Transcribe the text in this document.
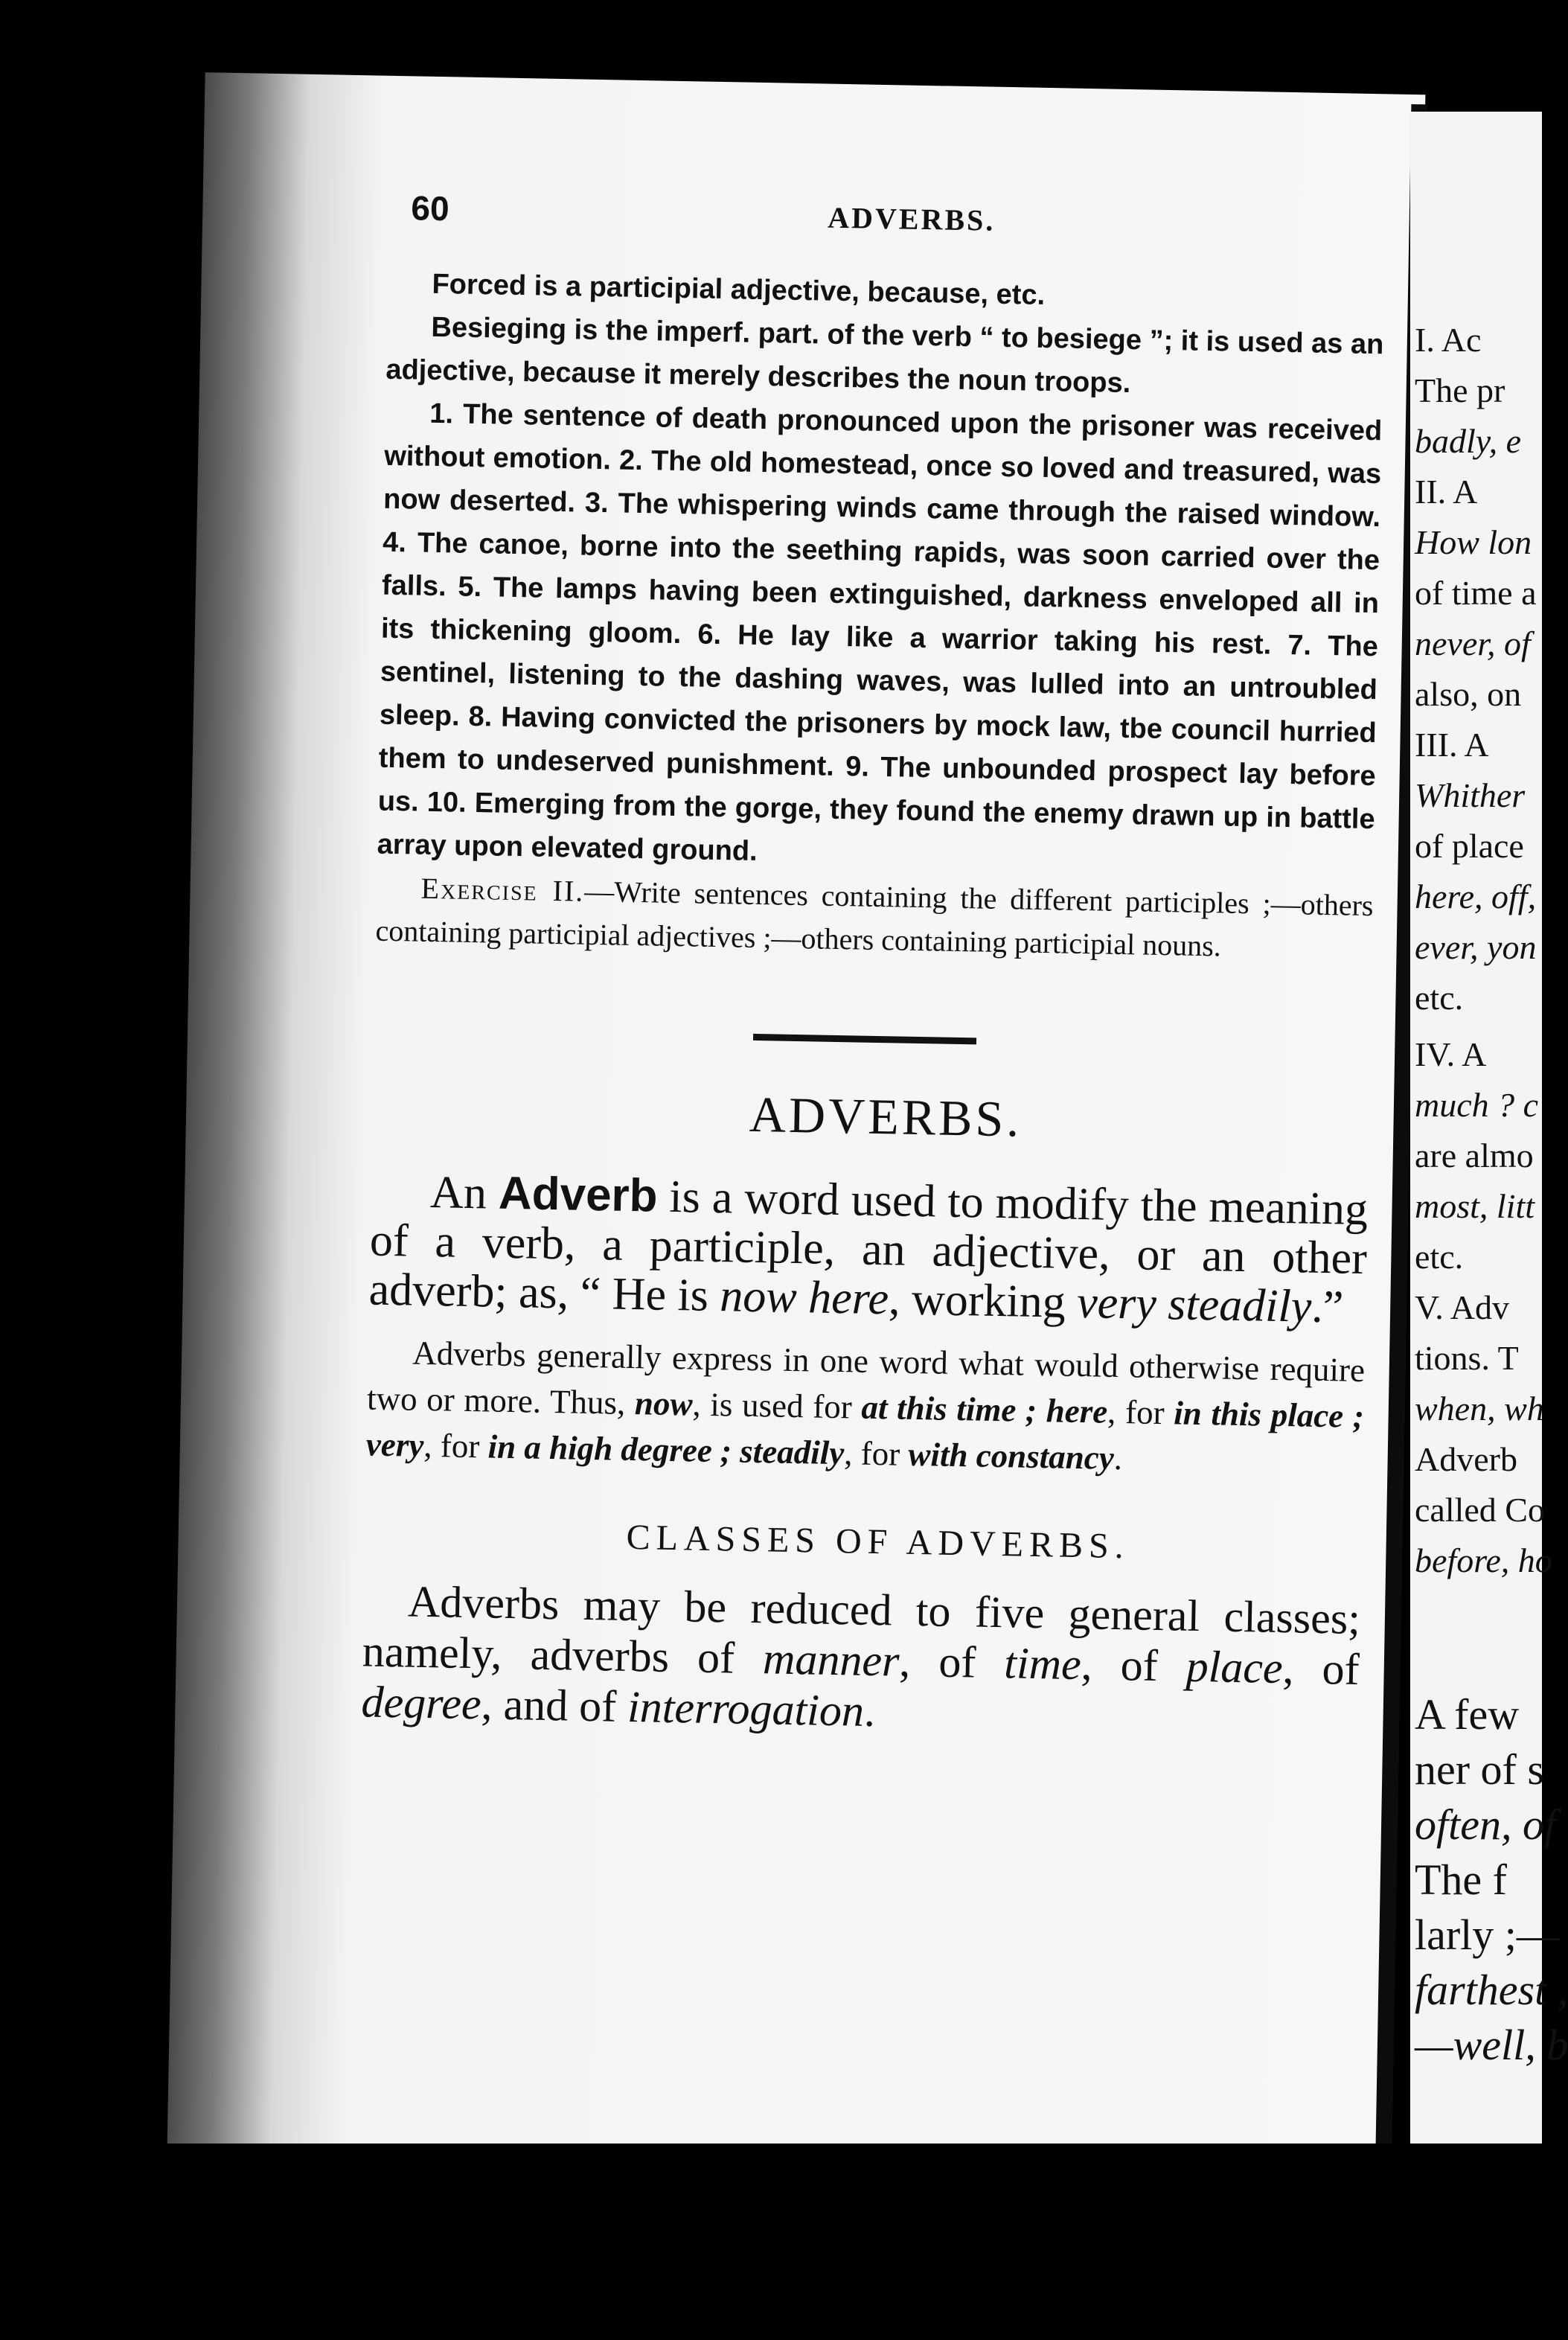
60	ADVERBS.

Forced is a participial adjective, because, etc.

Besieging is the imperf. part. of the verb “ to besiege ”; it is used as an adjective, because it merely describes the noun troops.

1. The sentence of death pronounced upon the prisoner was received without emotion. 2. The old homestead, once so loved and treasured, was now deserted. 3. The whispering winds came through the raised window. 4. The canoe, borne into the seething rapids, was soon carried over the falls. 5. The lamps having been extinguished, darkness enveloped all in its thickening gloom. 6. He lay like a warrior taking his rest. 7. The sentinel, listening to the dashing waves, was lulled into an untroubled sleep. 8. Having convicted the prisoners by mock law, tbe council hurried them to undeserved punishment. 9. The unbounded prospect lay before us. 10. Emerging from the gorge, they found the enemy drawn up in battle array upon elevated ground.

Exercise II.—Write sentences containing the different participles ;—others containing participial adjectives ;—others containing participial nouns.

ADVERBS.

An Adverb is a word used to modify the meaning of a verb, a participle, an adjective, or an other adverb; as, “ He is now here, working very steadily.”

Adverbs generally express in one word what would otherwise require two or more. Thus, now, is used for at this time ; here, for in this place ; very, for in a high degree ; steadily, for with constancy.

CLASSES OF ADVERBS.

Adverbs may be reduced to five general classes; namely, adverbs of manner, of time, of place, of degree, and of interrogation.

I. Ac
The pr
badly, e
II. A
How lon
of time a
never, of
also, on
III. A
Whither
of place
here, off,
ever, yon
etc.
IV. A
much ? c
are almo
most, litt
etc.
V. Adv
tions. T
when, wh
Adverb
called Co
before, ho
A few
ner of s
often, of
The f
larly ;—
farthest ,
—well, b
